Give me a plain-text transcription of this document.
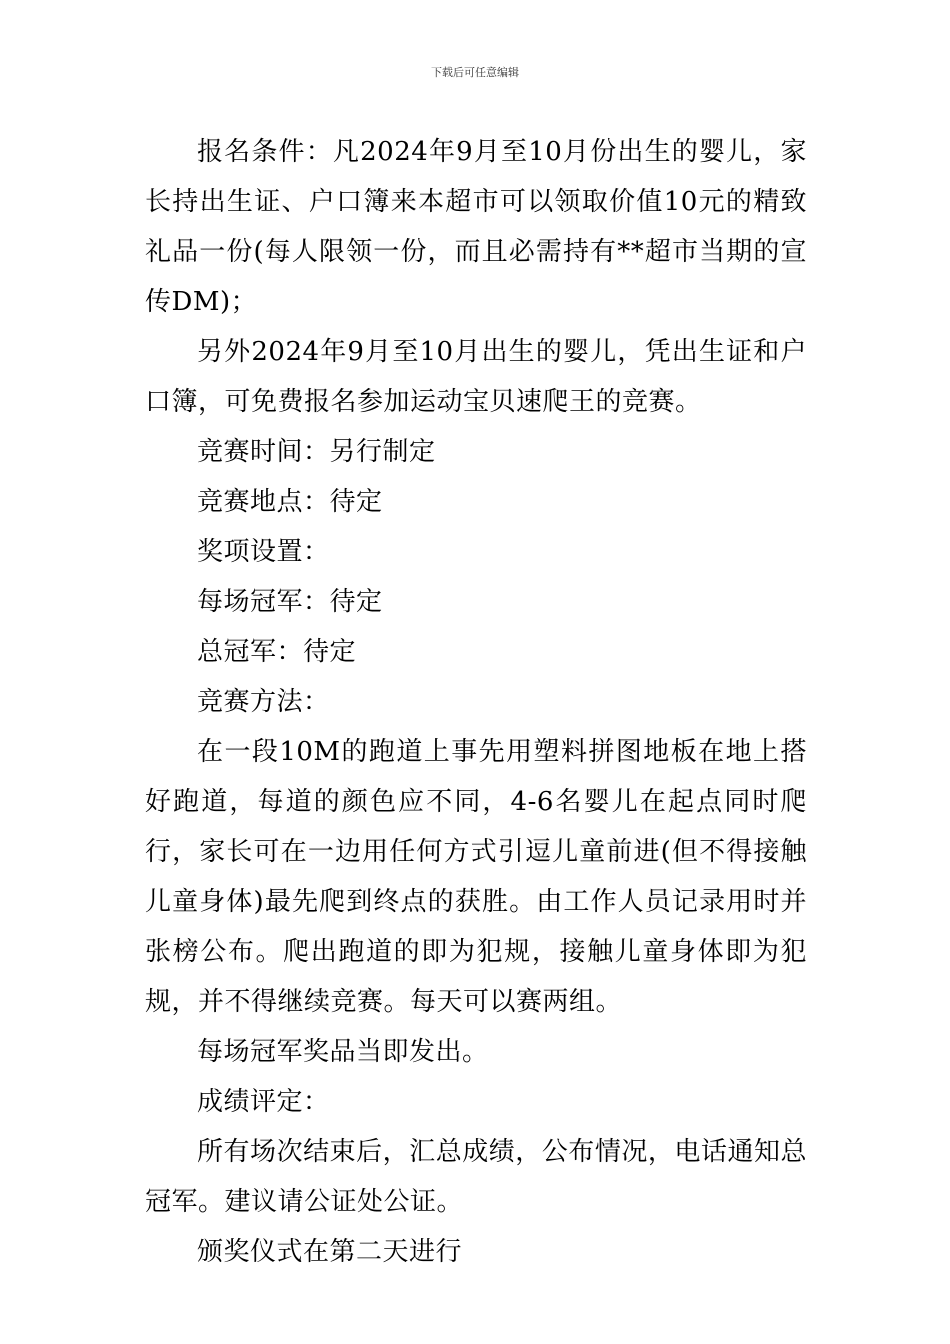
下载后可任意编辑

报名条件：凡2024年9月至10月份出生的婴儿，家长持出生证、户口簿来本超市可以领取价值10元的精致礼品一份(每人限领一份，而且必需持有**超市当期的宣传DM)；

另外2024年9月至10月出生的婴儿，凭出生证和户口簿，可免费报名参加运动宝贝速爬王的竞赛。

竞赛时间：另行制定

竞赛地点：待定

奖项设置：

每场冠军：待定

总冠军：待定

竞赛方法：

在一段10M的跑道上事先用塑料拼图地板在地上搭好跑道，每道的颜色应不同，4-6名婴儿在起点同时爬行，家长可在一边用任何方式引逗儿童前进(但不得接触儿童身体)最先爬到终点的获胜。由工作人员记录用时并张榜公布。爬出跑道的即为犯规，接触儿童身体即为犯规，并不得继续竞赛。每天可以赛两组。

每场冠军奖品当即发出。

成绩评定：

所有场次结束后，汇总成绩，公布情况，电话通知总冠军。建议请公证处公证。

颁奖仪式在第二天进行
